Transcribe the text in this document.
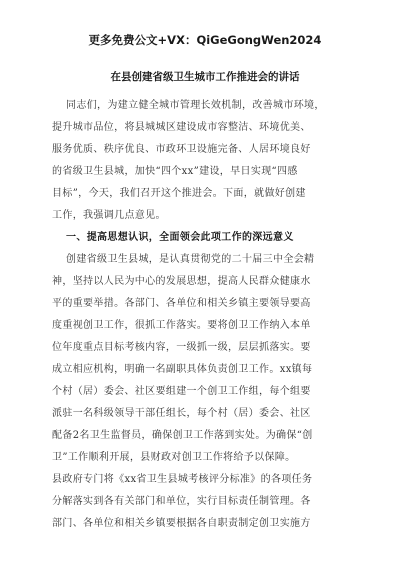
更多免费公文+VX：QiGeGongWen2024
在县创建省级卫生城市工作推进会的讲话
同志们，为建立健全城市管理长效机制，改善城市环境，
提升城市品位，将县城城区建设成市容整洁、环境优美、
服务优质、秩序优良、市政环卫设施完备、人居环境良好
的省级卫生县城，加快“四个xx”建设，早日实现“四感
目标”，今天，我们召开这个推进会。下面，就做好创建
工作，我强调几点意见。
一、提高思想认识，全面领会此项工作的深远意义
创建省级卫生县城，是认真贯彻党的二十届三中全会精
神，坚持以人民为中心的发展思想，提高人民群众健康水
平的重要举措。各部门、各单位和相关乡镇主要领导要高
度重视创卫工作，很抓工作落实。要将创卫工作纳入本单
位年度重点目标考核内容，一级抓一级，层层抓落实。要
成立相应机构，明确一名副职具体负责创卫工作。xx镇每
个村（居）委会、社区要组建一个创卫工作组，每个组要
派驻一名科级领导干部任组长，每个村（居）委会、社区
配备2名卫生监督员，确保创卫工作落到实处。为确保“创
卫”工作顺利开展，县财政对创卫工作将给予以保障。
县政府专门将《xx省卫生县城考核评分标准》的各项任务
分解落实到各有关部门和单位，实行目标责任制管理。各
部门、各单位和相关乡镇要根据各自职责制定创卫实施方
